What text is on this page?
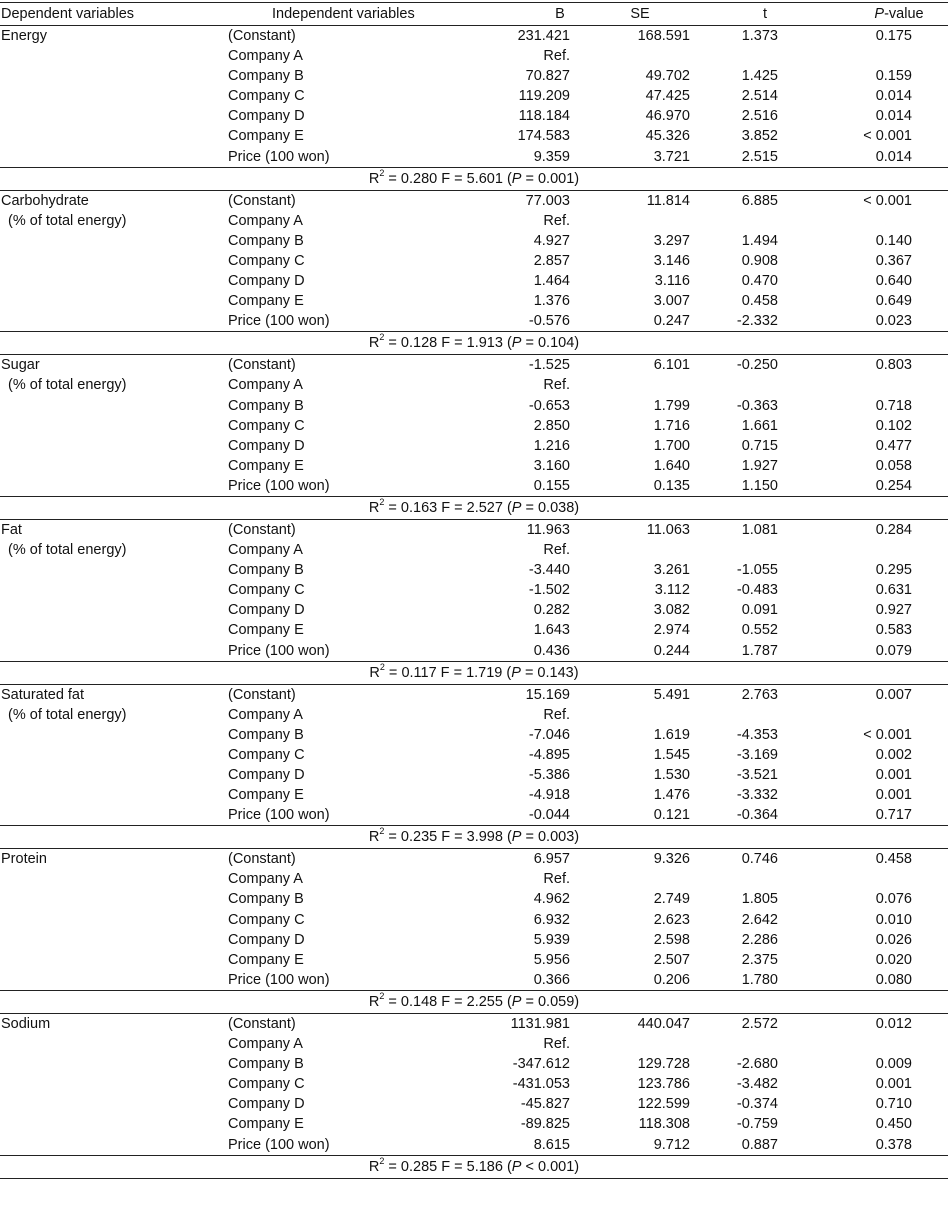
Dependent variables	Independent variables	B	SE	t	P-value
Energy	(Constant)	231.421	168.591	1.373	0.175
	Company A	Ref.			
	Company B	70.827	49.702	1.425	0.159
	Company C	119.209	47.425	2.514	0.014
	Company D	118.184	46.970	2.516	0.014
	Company E	174.583	45.326	3.852	< 0.001
	Price (100 won)	9.359	3.721	2.515	0.014
$R^2 = 0.280$ F = 5.601 (P = 0.001)					
Carbohydrate	(Constant)	77.003	11.814	6.885	< 0.001
(% of total energy)	Company A	Ref.			
	Company B	4.927	3.297	1.494	0.140
	Company C	2.857	3.146	0.908	0.367
	Company D	1.464	3.116	0.470	0.640
	Company E	1.376	3.007	0.458	0.649
	Price (100 won)	-0.576	0.247	-2.332	0.023
$R^2 = 0.128$ F = 1.913 (P = 0.104)					
Sugar	(Constant)	-1.525	6.101	-0.250	0.803
(% of total energy)	Company A	Ref.			
	Company B	-0.653	1.799	-0.363	0.718
	Company C	2.850	1.716	1.661	0.102
	Company D	1.216	1.700	0.715	0.477
	Company E	3.160	1.640	1.927	0.058
	Price (100 won)	0.155	0.135	1.150	0.254
$R^2 = 0.163$ F = 2.527 (P = 0.038)					
Fat	(Constant)	11.963	11.063	1.081	0.284
(% of total energy)	Company A	Ref.			
	Company B	-3.440	3.261	-1.055	0.295
	Company C	-1.502	3.112	-0.483	0.631
	Company D	0.282	3.082	0.091	0.927
	Company E	1.643	2.974	0.552	0.583
	Price (100 won)	0.436	0.244	1.787	0.079
$R^2 = 0.117$ F = 1.719 (P = 0.143)					
Saturated fat	(Constant)	15.169	5.491	2.763	0.007
(% of total energy)	Company A	Ref.			
	Company B	-7.046	1.619	-4.353	< 0.001
	Company C	-4.895	1.545	-3.169	0.002
	Company D	-5.386	1.530	-3.521	0.001
	Company E	-4.918	1.476	-3.332	0.001
	Price (100 won)	-0.044	0.121	-0.364	0.717
$R^2 = 0.235$ F = 3.998 (P = 0.003)					
Protein	(Constant)	6.957	9.326	0.746	0.458
	Company A	Ref.			
	Company B	4.962	2.749	1.805	0.076
	Company C	6.932	2.623	2.642	0.010
	Company D	5.939	2.598	2.286	0.026
	Company E	5.956	2.507	2.375	0.020
	Price (100 won)	0.366	0.206	1.780	0.080
$R^2 = 0.148$ F = 2.255 (P = 0.059)					
Sodium	(Constant)	1131.981	440.047	2.572	0.012
	Company A	Ref.			
	Company B	-347.612	129.728	-2.680	0.009
	Company C	-431.053	123.786	-3.482	0.001
	Company D	-45.827	122.599	-0.374	0.710
	Company E	-89.825	118.308	-0.759	0.450
	Price (100 won)	8.615	9.712	0.887	0.378
$R^2 = 0.285$ F = 5.186 (P < 0.001)					
